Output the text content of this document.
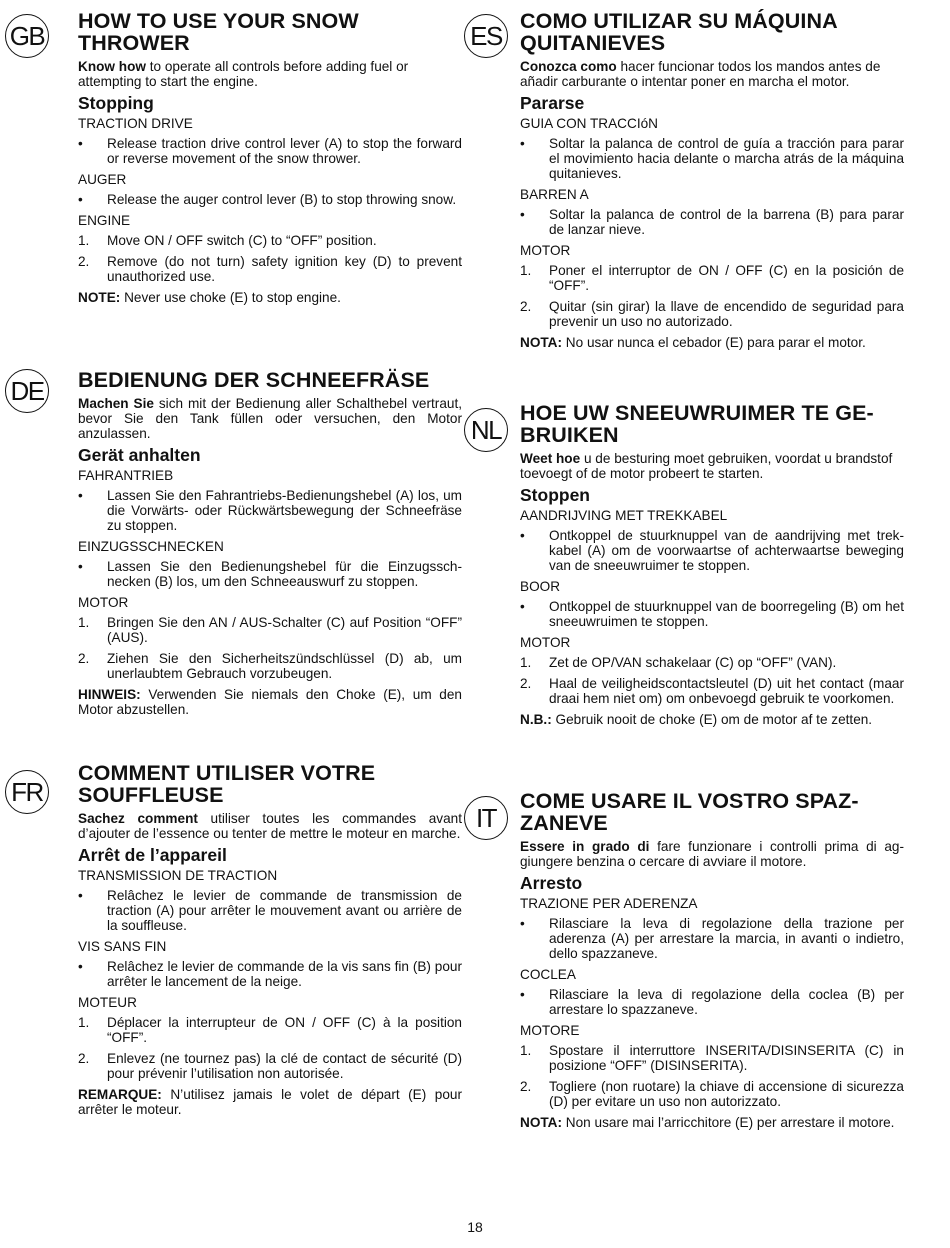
GB HOW TO USE YOUR SNOW THROWER

Know how to operate all controls before adding fuel or attempting to start the engine.

Stopping
TRACTION DRIVE
•	Release traction drive control lever (A) to stop the forward or reverse movement of the snow thrower.
AUGER
•	Release the auger control lever (B) to stop throwing snow.
ENGINE
1.	Move ON / OFF switch (C) to “OFF” position.
2.	Remove (do not turn) safety ignition key (D) to prevent unauthorized use.

NOTE: Never use choke (E) to stop engine.

DE BEDIENUNG DER SCHNEEFRÄSE

Machen Sie sich mit der Bedienung aller Schalthebel vertraut, bevor Sie den Tank füllen oder versuchen, den Motor anzulassen.

Gerät anhalten
FAHRANTRIEB
•	Lassen Sie den Fahrantriebs-Bedienungshebel (A) los, um die Vorwärts- oder Rückwärtsbewegung der Schneefräse zu stoppen.
EINZUGSSCHNECKEN
•	Lassen Sie den Bedienungshebel für die Einzugssch-necken (B) los, um den Schneeauswurf zu stoppen.
MOTOR
1.	Bringen Sie den AN / AUS-Schalter (C) auf Position “OFF” (AUS).
2.	Ziehen Sie den Sicherheitszündschlüssel (D) ab, um unerlaubtem Gebrauch vorzubeugen.

HINWEIS: Verwenden Sie niemals den Choke (E), um den Motor abzustellen.

FR
COMMENT UTILISER VOTRE SOUFFLEUSE

Sachez comment utiliser toutes les commandes avant d’ajouter de l’essence ou tenter de mettre le moteur en marche.

Arrêt de l’appareil
TRANSMISSION DE TRACTION
•	Relâchez le levier de commande de transmission de traction (A) pour arrêter le mouvement avant ou arrière de la souffleuse.
VIS SANS FIN
•	Relâchez le levier de commande de la vis sans fin (B) pour arrêter le lancement de la neige.
MOTEUR
1.	Déplacer la interrupteur de ON / OFF (C) à la position “OFF”.
2.	Enlevez (ne tournez pas) la clé de contact de sécurité (D) pour prévenir l’utilisation non autorisée.

REMARQUE: N’utilisez jamais le volet de départ (E) pour arrêter le moteur.

ES COMO UTILIZAR SU MÁQUINA QUITANIEVES

Conozca como hacer funcionar todos los mandos antes de añadir carburante o intentar poner en marcha el motor.

Pararse
GUIA CON TRACCIóN
•	Soltar la palanca de control de guía a tracción para parar el movimiento hacia delante o marcha atrás de la máquina quitanieves.
BARREN A
•	Soltar la palanca de control de la barrena (B) para parar de lanzar nieve.
MOTOR
1.	Poner el interruptor de ON / OFF (C) en la posición de “OFF”.
2.	Quitar (sin girar) la llave de encendido de seguridad para prevenir un uso no autorizado.

NOTA: No usar nunca el cebador (E) para parar el motor.

NL
HOE UW SNEEUWRUIMER TE GE-BRUIKEN

Weet hoe u de besturing moet gebruiken, voordat u brandstof toevoegt of de motor probeert te starten.

Stoppen
AANDRIJVING MET TREKKABEL
•	Ontkoppel de stuurknuppel van de aandrijving met trek-kabel (A) om de voorwaartse of achterwaartse beweging van de sneeuwruimer te stoppen.
BOOR
•	Ontkoppel de stuurknuppel van de boorregeling (B) om het sneeuwruimen te stoppen.
MOTOR
1.	Zet de OP/VAN schakelaar (C) op “OFF” (VAN).
2.	Haal de veiligheidscontactsleutel (D) uit het contact (maar draai hem niet om) om onbevoegd gebruik te voorkomen.

N.B.: Gebruik nooit de choke (E) om de motor af te zetten.

IT
COME USARE IL VOSTRO SPAZ-ZANEVE

Essere in grado di fare funzionare i controlli prima di ag-giungere benzina o cercare di avviare il motore.

Arresto
TRAZIONE PER ADERENZA
•	Rilasciare la leva di regolazione della trazione per aderenza (A) per arrestare la marcia, in avanti o indietro, dello spazzaneve.
COCLEA
•	Rilasciare la leva di regolazione della coclea (B) per arrestare lo spazzaneve.
MOTORE
1.	Spostare il interruttore INSERITA/DISINSERITA (C) in posizione “OFF” (DISINSERITA).
2.	Togliere (non ruotare) la chiave di accensione di sicurezza (D) per evitare un uso non autorizzato.

NOTA: Non usare mai l’arricchitore (E) per arrestare il motore.

18
